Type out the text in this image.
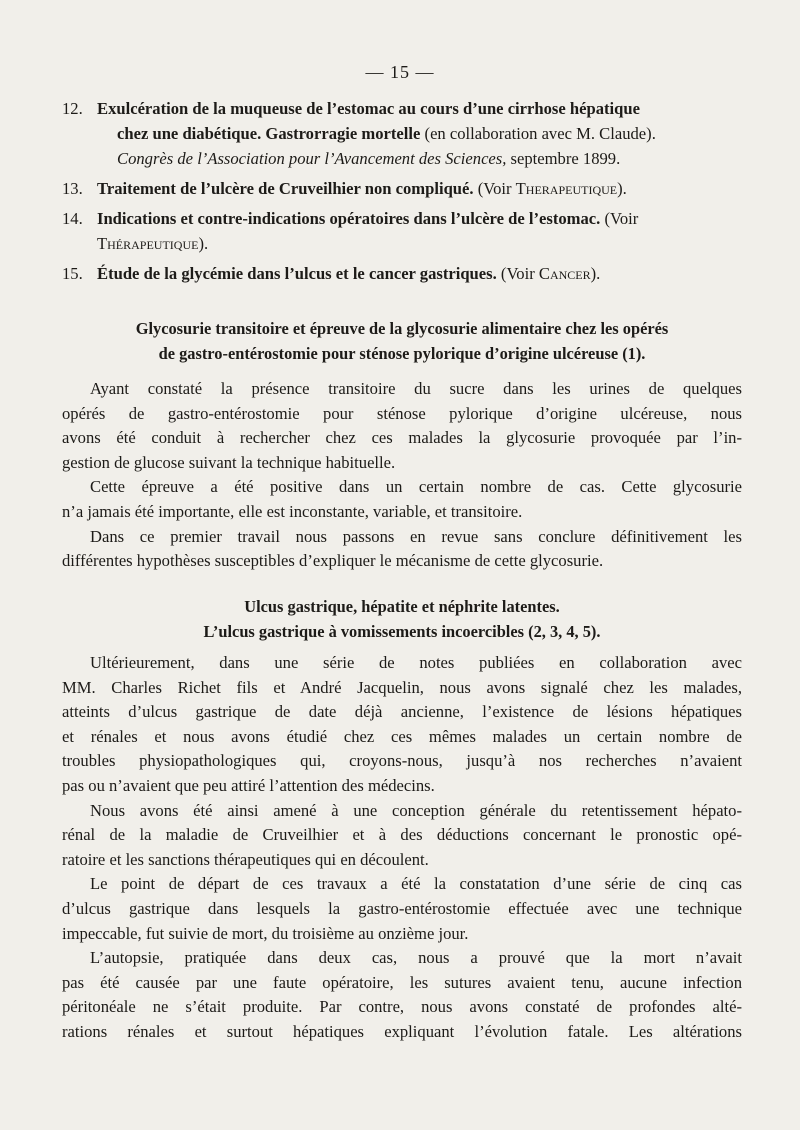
— 15 —
12. Exulcération de la muqueuse de l’estomac au cours d’une cirrhose hépatique

chez une diabétique. Gastrorragie mortelle (en collaboration avec M. Claude).
Congrès de l’Association pour l’Avancement des Sciences, septembre 1899.
13. Traitement de l’ulcère de Cruveilhier non compliqué. (Voir Therapeutique).
14. Indications et contre-indications opératoires dans l’ulcère de l’estomac. (Voir
Thérapeutique).
15. Étude de la glycémie dans l’ulcus et le cancer gastriques. (Voir Cancer).
Glycosurie transitoire et épreuve de la glycosurie alimentaire chez les opérés
de gastro-entérostomie pour sténose pylorique d’origine ulcéreuse (1).
Ayant constaté la présence transitoire du sucre dans les urines de quelques
opérés de gastro-entérostomie pour sténose pylorique d’origine ulcéreuse, nous
avons été conduit à rechercher chez ces malades la glycosurie provoquée par l’in-
gestion de glucose suivant la technique habituelle.
Cette épreuve a été positive dans un certain nombre de cas. Cette glycosurie
n’a jamais été importante, elle est inconstante, variable, et transitoire.
Dans ce premier travail nous passons en revue sans conclure définitivement les
différentes hypothèses susceptibles d’expliquer le mécanisme de cette glycosurie.
Ulcus gastrique, hépatite et néphrite latentes.
L’ulcus gastrique à vomissements incoercibles (2, 3, 4, 5).
Ultérieurement, dans une série de notes publiées en collaboration avec
MM. Charles Richet fils et André Jacquelin, nous avons signalé chez les malades,
atteints d’ulcus gastrique de date déjà ancienne, l’existence de lésions hépatiques
et rénales et nous avons étudié chez ces mêmes malades un certain nombre de
troubles physiopathologiques qui, croyons-nous, jusqu’à nos recherches n’avaient
pas ou n’avaient que peu attiré l’attention des médecins.
Nous avons été ainsi amené à une conception générale du retentissement hépato-
rénal de la maladie de Cruveilhier et à des déductions concernant le pronostic opé-
ratoire et les sanctions thérapeutiques qui en découlent.
Le point de départ de ces travaux a été la constatation d’une série de cinq cas
d’ulcus gastrique dans lesquels la gastro-entérostomie effectuée avec une technique
impeccable, fut suivie de mort, du troisième au onzième jour.
L’autopsie, pratiquée dans deux cas, nous a prouvé que la mort n’avait
pas été causée par une faute opératoire, les sutures avaient tenu, aucune infection
péritonéale ne s’était produite. Par contre, nous avons constaté de profondes alté-
rations rénales et surtout hépatiques expliquant l’évolution fatale. Les altérations
